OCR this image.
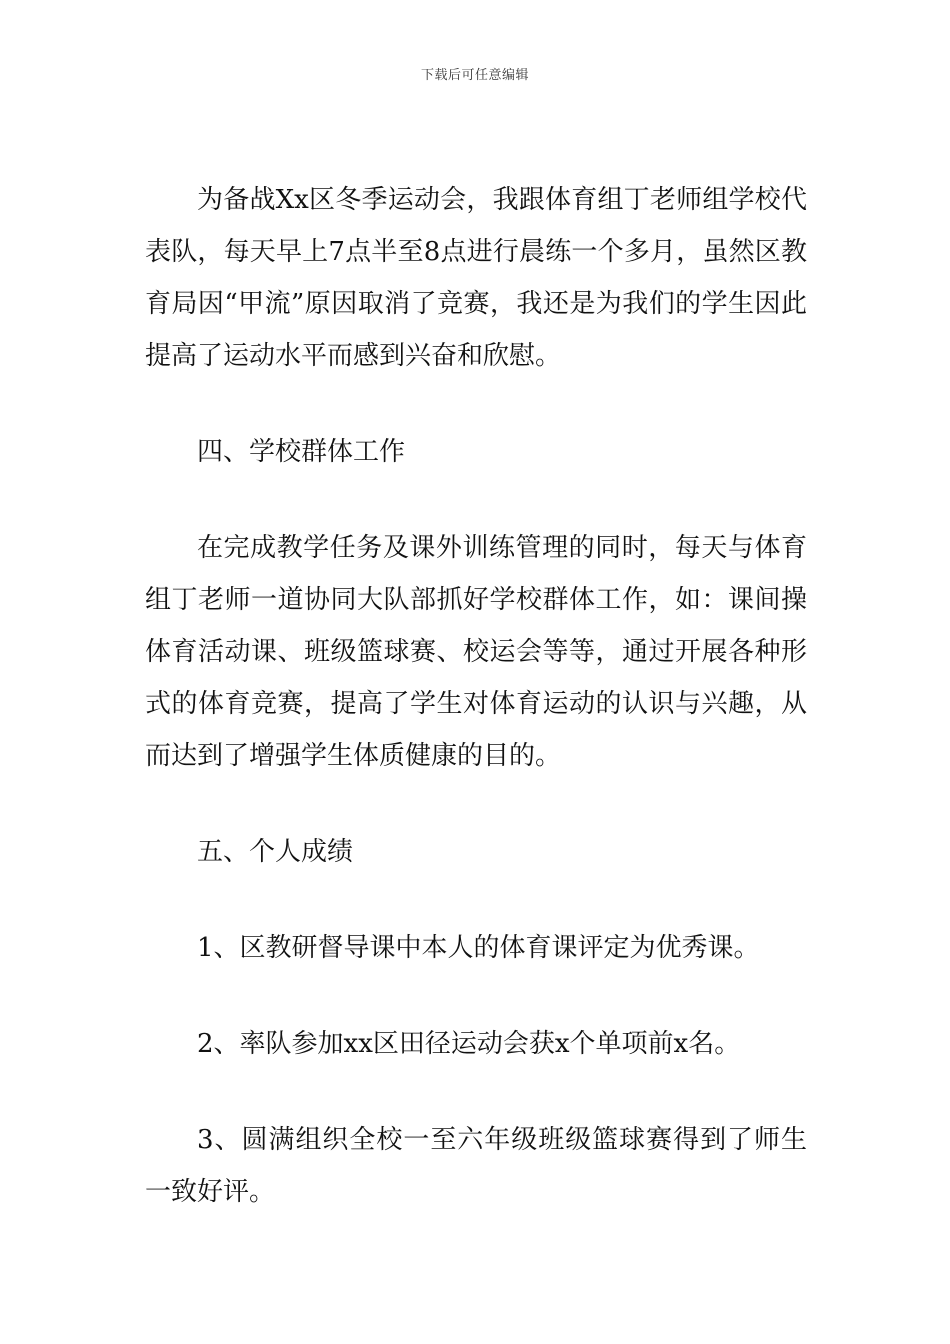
下载后可任意编辑

为备战Xx区冬季运动会，我跟体育组丁老师组学校代表队，每天早上7点半至8点进行晨练一个多月，虽然区教育局因“甲流”原因取消了竞赛，我还是为我们的学生因此提高了运动水平而感到兴奋和欣慰。

四、学校群体工作

在完成教学任务及课外训练管理的同时，每天与体育组丁老师一道协同大队部抓好学校群体工作，如：课间操体育活动课、班级篮球赛、校运会等等，通过开展各种形式的体育竞赛，提高了学生对体育运动的认识与兴趣，从而达到了增强学生体质健康的目的。

五、个人成绩

1、区教研督导课中本人的体育课评定为优秀课。

2、率队参加xx区田径运动会获x个单项前x名。

3、圆满组织全校一至六年级班级篮球赛得到了师生一致好评。
